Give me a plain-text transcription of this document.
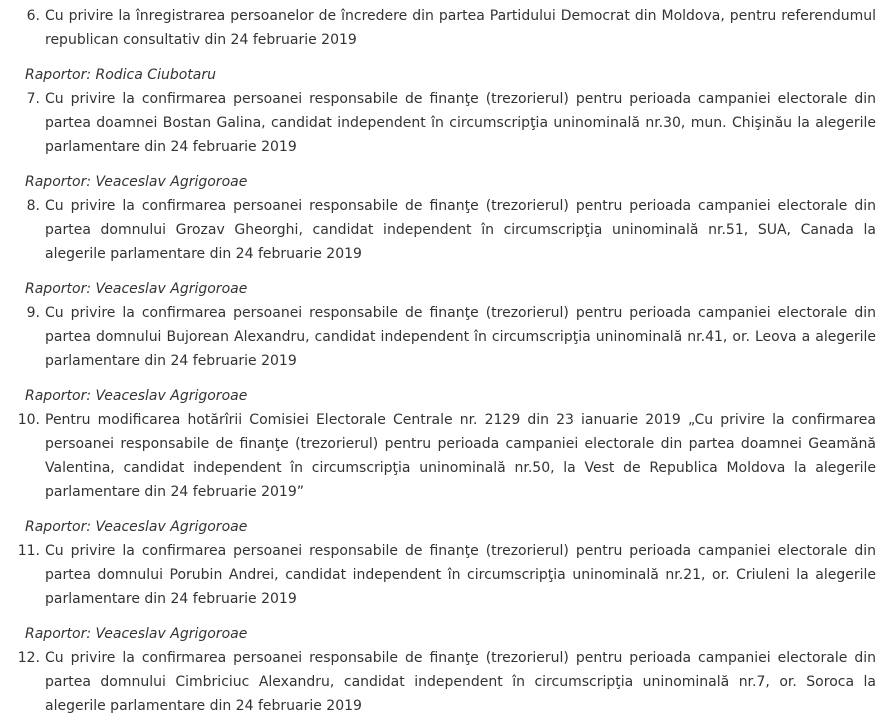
6. Cu privire la înregistrarea persoanelor de încredere din partea Partidului Democrat din Moldova, pentru referendumul republican consultativ din 24 februarie 2019
Raportor: Rodica Ciubotaru
7. Cu privire la confirmarea persoanei responsabile de finanţe (trezorierul) pentru perioada campaniei electorale din partea doamnei Bostan Galina, candidat independent în circumscripţia uninominală nr.30, mun. Chişinău la alegerile parlamentare din 24 februarie 2019
Raportor: Veaceslav Agrigoroae
8. Cu privire la confirmarea persoanei responsabile de finanţe (trezorierul) pentru perioada campaniei electorale din partea domnului Grozav Gheorghi, candidat independent în circumscripţia uninominală nr.51, SUA, Canada la alegerile parlamentare din 24 februarie 2019
Raportor: Veaceslav Agrigoroae
9. Cu privire la confirmarea persoanei responsabile de finanţe (trezorierul) pentru perioada campaniei electorale din partea domnului Bujorean Alexandru, candidat independent în circumscripţia uninominală nr.41, or. Leova a alegerile parlamentare din 24 februarie 2019
Raportor: Veaceslav Agrigoroae
10. Pentru modificarea hotărîrii Comisiei Electorale Centrale nr. 2129 din 23 ianuarie 2019 „Cu privire la confirmarea persoanei responsabile de finanţe (trezorierul) pentru perioada campaniei electorale din partea doamnei Geamănă Valentina, candidat independent în circumscripţia uninominală nr.50, la Vest de Republica Moldova la alegerile parlamentare din 24 februarie 2019”
Raportor: Veaceslav Agrigoroae
11. Cu privire la confirmarea persoanei responsabile de finanţe (trezorierul) pentru perioada campaniei electorale din partea domnului Porubin Andrei, candidat independent în circumscripţia uninominală nr.21, or. Criuleni la alegerile parlamentare din 24 februarie 2019
Raportor: Veaceslav Agrigoroae
12. Cu privire la confirmarea persoanei responsabile de finanţe (trezorierul) pentru perioada campaniei electorale din partea domnului Cimbriciuc Alexandru, candidat independent în circumscripţia uninominală nr.7, or. Soroca la alegerile parlamentare din 24 februarie 2019
